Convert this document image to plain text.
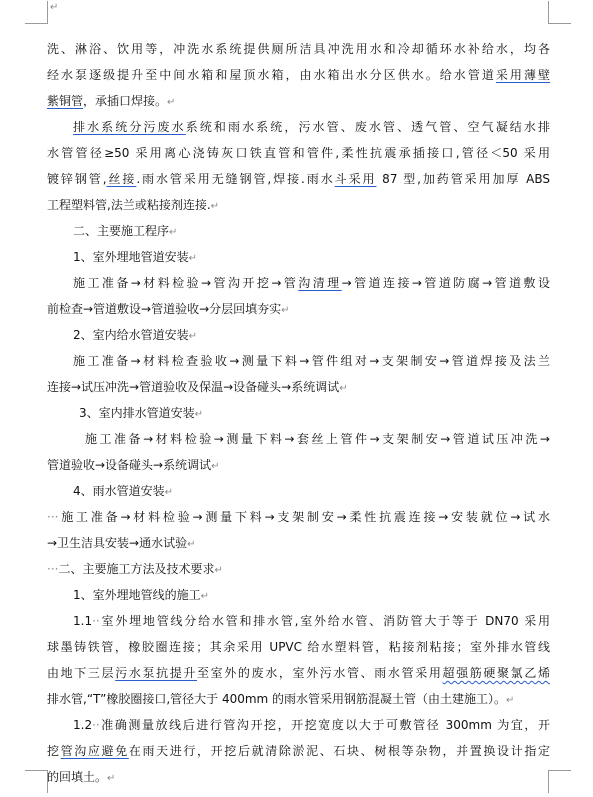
↵
洗、淋浴、饮用等，冲洗水系统提供厕所洁具冲洗用水和冷却循环水补给水，均各
经水泵逐级提升至中间水箱和屋顶水箱，由水箱出水分区供水。给水管道采用薄壁
紫铜管，承插口焊接。↵
排水系统分污废水系统和雨水系统，污水管、废水管、透气管、空气凝结水排
水管管径≥50 采用离心浇铸灰口铁直管和管件,柔性抗震承插接口,管径＜50 采用
镀锌钢管,丝接.雨水管采用无缝钢管,焊接.雨水斗采用 87 型,加药管采用加厚 ABS
工程塑料管,法兰或粘接剂连接.↵
二、主要施工程序↵
1、室外埋地管道安装↵
施工准备→材料检验→管沟开挖→管沟清理→管道连接→管道防腐→管道敷设
前检查→管道敷设→管道验收→分层回填夯实↵
2、室内给水管道安装↵
施工准备→材料检查验收→测量下料→管件组对→支架制安→管道焊接及法兰
连接→试压冲洗→管道验收及保温→设备碰头→系统调试↵
3、室内排水管道安装↵
施工准备→材料检验→测量下料→套丝上管件→支架制安→管道试压冲洗→
管道验收→设备碰头→系统调试↵
4、雨水管道安装↵
···施工准备→材料检验→测量下料→支架制安→柔性抗震连接→安装就位→试水
→卫生洁具安装→通水试验↵
···二、主要施工方法及技术要求↵
1、室外埋地管线的施工↵
1.1··室外埋地管线分给水管和排水管,室外给水管、消防管大于等于 DN70 采用
球墨铸铁管，橡胶圈连接；其余采用 UPVC 给水塑料管，粘接剂粘接；室外排水管线
由地下三层污水泵抗提升至室外的废水，室外污水管、雨水管采用超强筋硬聚氯乙烯
排水管,“T”橡胶圈接口,管径大于 400mm 的雨水管采用钢筋混凝土管（由土建施工）。↵
1.2··准确测量放线后进行管沟开挖，开挖宽度以大于可敷管径 300mm 为宜，开
挖管沟应避免在雨天进行，开挖后就清除淤泥、石块、树根等杂物，并置换设计指定
的回填土。↵
